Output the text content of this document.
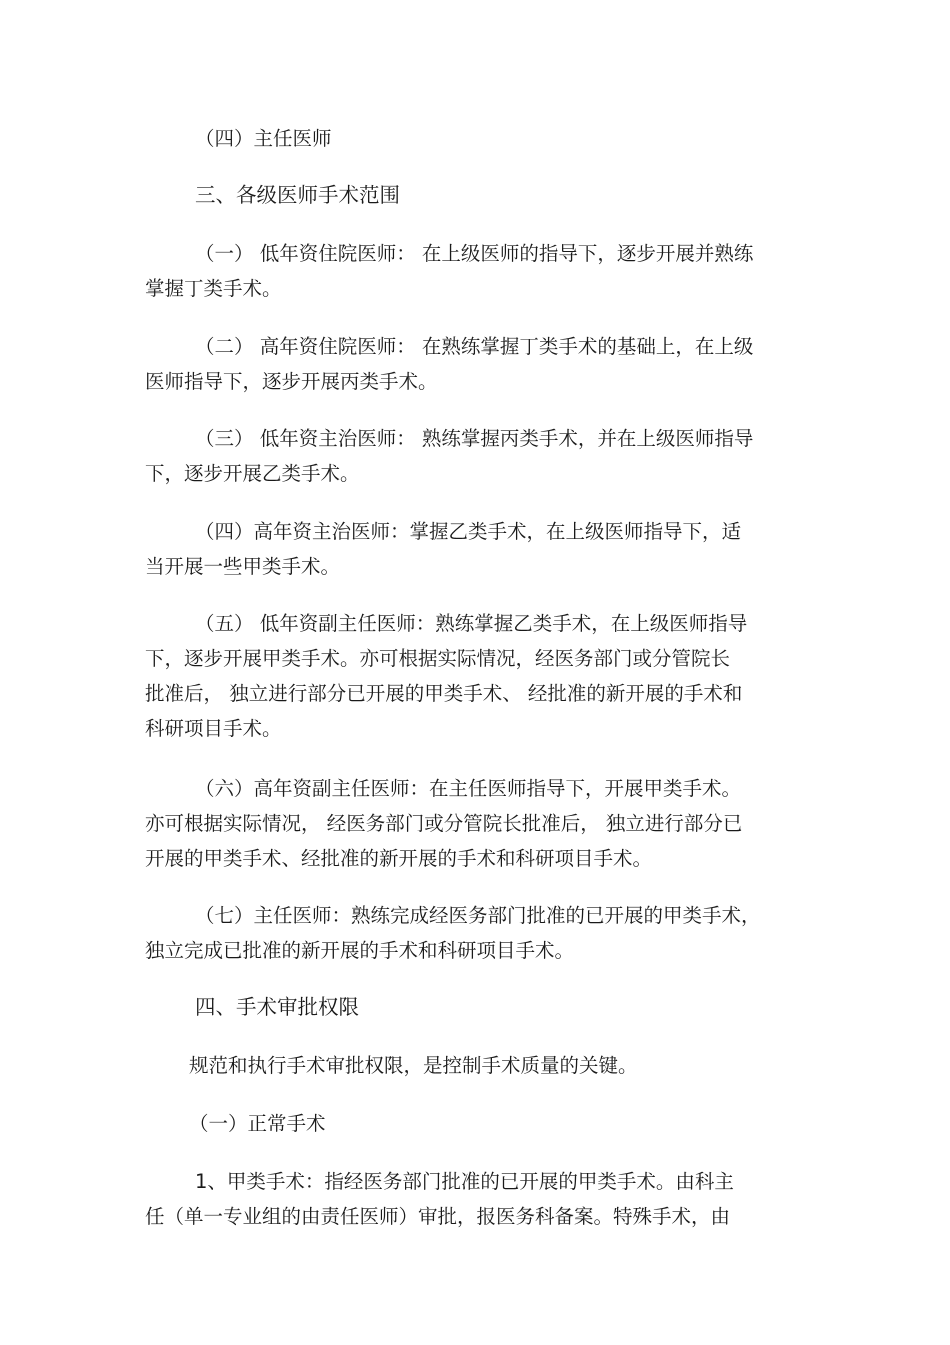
（四）主任医师

三、各级医师手术范围

（一） 低年资住院医师： 在上级医师的指导下，逐步开展并熟练
掌握丁类手术。

（二） 高年资住院医师： 在熟练掌握丁类手术的基础上，在上级
医师指导下，逐步开展丙类手术。

（三） 低年资主治医师： 熟练掌握丙类手术，并在上级医师指导
下，逐步开展乙类手术。

（四）高年资主治医师：掌握乙类手术，在上级医师指导下，适
当开展一些甲类手术。

（五） 低年资副主任医师：熟练掌握乙类手术，在上级医师指导
下，逐步开展甲类手术。亦可根据实际情况，经医务部门或分管院长
批准后， 独立进行部分已开展的甲类手术、 经批准的新开展的手术和
科研项目手术。

（六）高年资副主任医师：在主任医师指导下，开展甲类手术。
亦可根据实际情况， 经医务部门或分管院长批准后， 独立进行部分已
开展的甲类手术、经批准的新开展的手术和科研项目手术。

（七）主任医师：熟练完成经医务部门批准的已开展的甲类手术，
独立完成已批准的新开展的手术和科研项目手术。

四、手术审批权限

规范和执行手术审批权限，是控制手术质量的关键。

（一）正常手术

1、甲类手术：指经医务部门批准的已开展的甲类手术。由科主
任（单一专业组的由责任医师）审批，报医务科备案。特殊手术，由
